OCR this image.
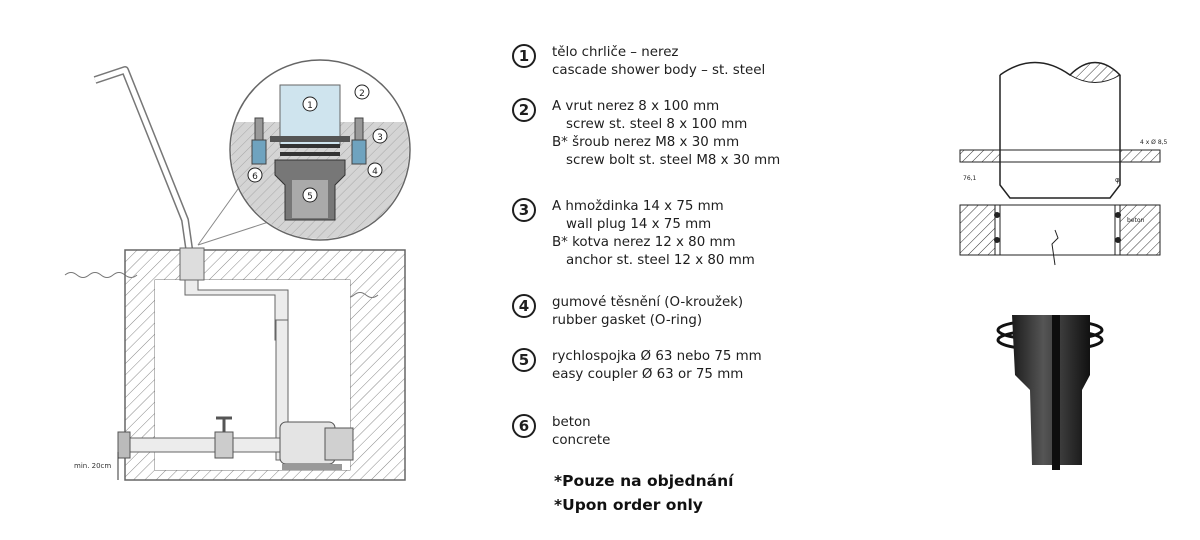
min. 20cm
1
2
3
4
5
6
1	tělo chrliče – nerez
cascade shower body – st. steel
2	A vrut nerez 8 x 100 mm
screw st. steel 8 x 100 mm
B* šroub nerez M8 x 30 mm
screw bolt st. steel M8 x 30 mm
3	A hmoždinka 14 x 75 mm
wall plug 14 x 75 mm
B* kotva nerez 12 x 80 mm
anchor st. steel 12 x 80 mm
4	gumové těsnění (O-kroužek)
rubber gasket (O-ring)
5	rychlospojka Ø 63 nebo 75 mm
easy coupler Ø 63 or 75 mm
6	beton
concrete
*Pouze na objednání
*Upon order only
4 x Ø 8,5
76,1	φ
beton
